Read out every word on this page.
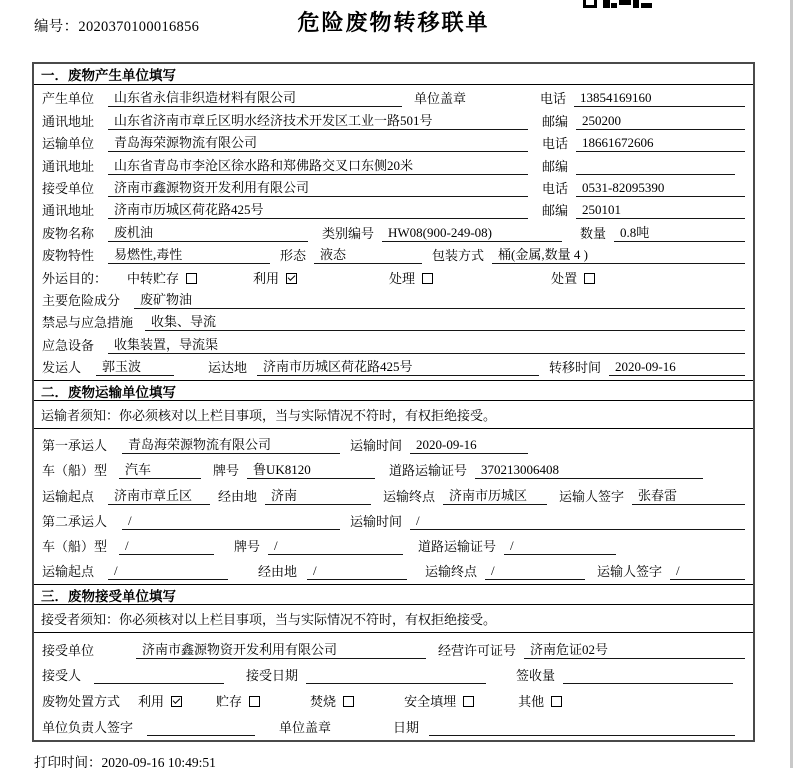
编号：2020370100016856	危险废物转移联单
一．废物产生单位填写
产生单位	山东省永信非织造材料有限公司	单位盖章	电话	13854169160
通讯地址	山东省济南市章丘区明水经济技术开发区工业一路501号	邮编	250200
运输单位	青岛海荣源物流有限公司	电话	18661672606
通讯地址	山东省青岛市李沧区徐水路和郑佛路交叉口东侧20米	邮编
接受单位	济南市鑫源物资开发利用有限公司	电话	0531-82095390
通讯地址	济南市历城区荷花路425号	邮编	250101
废物名称	废机油	类别编号	HW08(900-249-08)	数量	0.8吨
废物特性	易燃性,毒性	形态	液态	包装方式	桶(金属,数量 4 )
外运目的： 中转贮存	利用	处理	处置
主要危险成分	废矿物油
禁忌与应急措施	收集、导流
应急设备	收集装置，导流渠
发运人	郭玉波	运达地	济南市历城区荷花路425号	转移时间	2020-09-16
二．废物运输单位填写
运输者须知：你必须核对以上栏目事项，当与实际情况不符时，有权拒绝接受。
第一承运人	青岛海荣源物流有限公司	运输时间	2020-09-16
车（船）型	汽车	牌号	鲁UK8120	道路运输证号	370213006408
运输起点	济南市章丘区	经由地	济南	运输终点	济南市历城区	运输人签字	张春雷
第二承运人	/	运输时间	/
车（船）型	/	牌号	/	道路运输证号	/
运输起点	/	经由地	/	运输终点	/	运输人签字	/
三．废物接受单位填写
接受者须知：你必须核对以上栏目事项，当与实际情况不符时，有权拒绝接受。
接受单位	济南市鑫源物资开发利用有限公司	经营许可证号	济南危证02号
接受人	接受日期	签收量
废物处置方式 利用	贮存	焚烧	安全填埋	其他
单位负责人签字	单位盖章	日期
打印时间：2020-09-16 10:49:51
